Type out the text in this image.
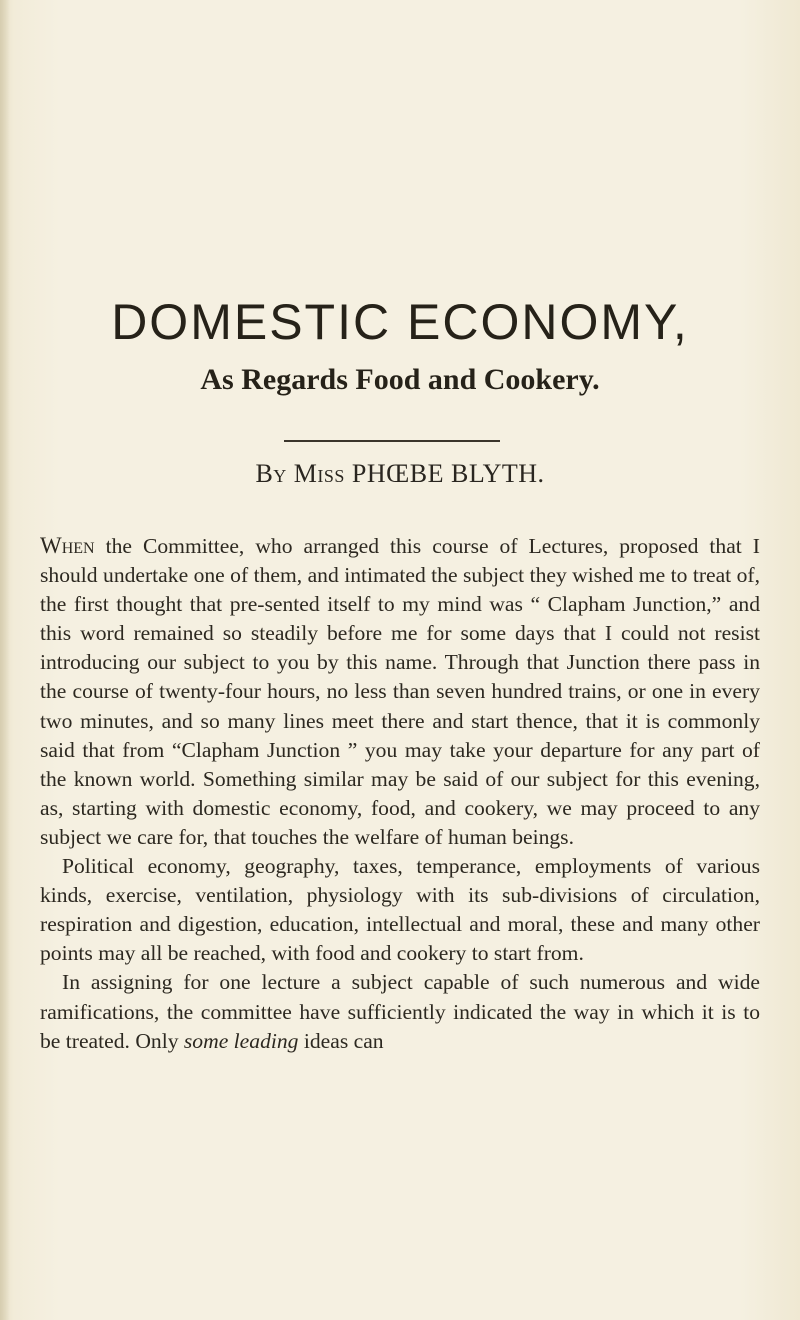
DOMESTIC ECONOMY,
As Regards Food and Cookery.
By Miss PHŒBE BLYTH.

When the Committee, who arranged this course of Lectures, proposed that I should undertake one of them, and intimated the subject they wished me to treat of, the first thought that pre-sented itself to my mind was “ Clapham Junction,” and this word remained so steadily before me for some days that I could not resist introducing our subject to you by this name. Through that Junction there pass in the course of twenty-four hours, no less than seven hundred trains, or one in every two minutes, and so many lines meet there and start thence, that it is commonly said that from “Clapham Junction ” you may take your departure for any part of the known world. Something similar may be said of our subject for this evening, as, starting with domestic economy, food, and cookery, we may proceed to any subject we care for, that touches the welfare of human beings.

Political economy, geography, taxes, temperance, employments of various kinds, exercise, ventilation, physiology with its sub-divisions of circulation, respiration and digestion, education, intellectual and moral, these and many other points may all be reached, with food and cookery to start from.

In assigning for one lecture a subject capable of such numerous and wide ramifications, the committee have sufficiently indicated the way in which it is to be treated. Only some leading ideas can
